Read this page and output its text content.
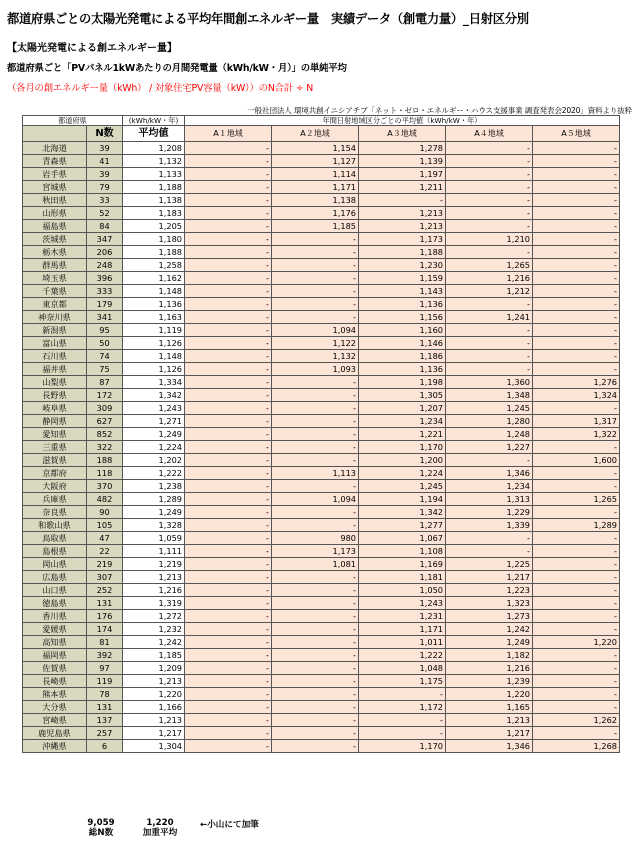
都道府県ごとの太陽光発電による平均年間創エネルギー量　実績データ（創電力量）_日射区分別
【太陽光発電による創エネルギー量】
都道府県ごと「PVパネル1kWあたりの月間発電量（kWh/kW・月）」の単純平均
（各月の創エネルギー量（kWh） / 対象住宅PV容量（kW））のN合計 ÷ N
一般社団法人 環境共創イニシアチブ「ネット・ゼロ・エネルギー・ハウス支援事業 調査発表会2020」資料より抜粋
都道府県		(kWh/kW・年)	年間日射地域区分ごとの平均値（kWh/kW・年）				
	N数	平均値	A１地域	A２地域	A３地域	A４地域	A５地域
北海道	39	1,208	-	1,154	1,278	-	-
青森県	41	1,132	-	1,127	1,139	-	-
岩手県	39	1,133	-	1,114	1,197	-	-
宮城県	79	1,188	-	1,171	1,211	-	-
秋田県	33	1,138	-	1,138	-	-	-
山形県	52	1,183	-	1,176	1,213	-	-
福島県	84	1,205	-	1,185	1,213	-	-
茨城県	347	1,180	-	-	1,173	1,210	-
栃木県	206	1,188	-	-	1,188	-	-
群馬県	248	1,258	-	-	1,230	1,265	-
埼玉県	396	1,162	-	-	1,159	1,216	-
千葉県	333	1,148	-	-	1,143	1,212	-
東京都	179	1,136	-	-	1,136	-	-
神奈川県	341	1,163	-	-	1,156	1,241	-
新潟県	95	1,119	-	1,094	1,160	-	-
富山県	50	1,126	-	1,122	1,146	-	-
石川県	74	1,148	-	1,132	1,186	-	-
福井県	75	1,126	-	1,093	1,136	-	-
山梨県	87	1,334	-	-	1,198	1,360	1,276
長野県	172	1,342	-	-	1,305	1,348	1,324
岐阜県	309	1,243	-	-	1,207	1,245	-
静岡県	627	1,271	-	-	1,234	1,280	1,317
愛知県	852	1,249	-	-	1,221	1,248	1,322
三重県	322	1,224	-	-	1,170	1,227	-
滋賀県	188	1,202	-	-	1,200	-	1,600
京都府	118	1,222	-	1,113	1,224	1,346	-
大阪府	370	1,238	-	-	1,245	1,234	-
兵庫県	482	1,289	-	1,094	1,194	1,313	1,265
奈良県	90	1,249	-	-	1,342	1,229	-
和歌山県	105	1,328	-	-	1,277	1,339	1,289
鳥取県	47	1,059	-	980	1,067	-	-
島根県	22	1,111	-	1,173	1,108	-	-
岡山県	219	1,219	-	1,081	1,169	1,225	-
広島県	307	1,213	-	-	1,181	1,217	-
山口県	252	1,216	-	-	1,050	1,223	-
徳島県	131	1,319	-	-	1,243	1,323	-
香川県	176	1,272	-	-	1,231	1,273	-
愛媛県	174	1,232	-	-	1,171	1,242	-
高知県	81	1,242	-	-	1,011	1,249	1,220
福岡県	392	1,185	-	-	1,222	1,182	-
佐賀県	97	1,209	-	-	1,048	1,216	-
長崎県	119	1,213	-	-	1,175	1,239	-
熊本県	78	1,220	-	-	-	1,220	-
大分県	131	1,166	-	-	1,172	1,165	-
宮崎県	137	1,213	-	-	-	1,213	1,262
鹿児島県	257	1,217	-	-	-	1,217	-
沖縄県	6	1,304	-	-	1,170	1,346	1,268
9,059
総N数
1,220
加重平均
←小山にて加筆
